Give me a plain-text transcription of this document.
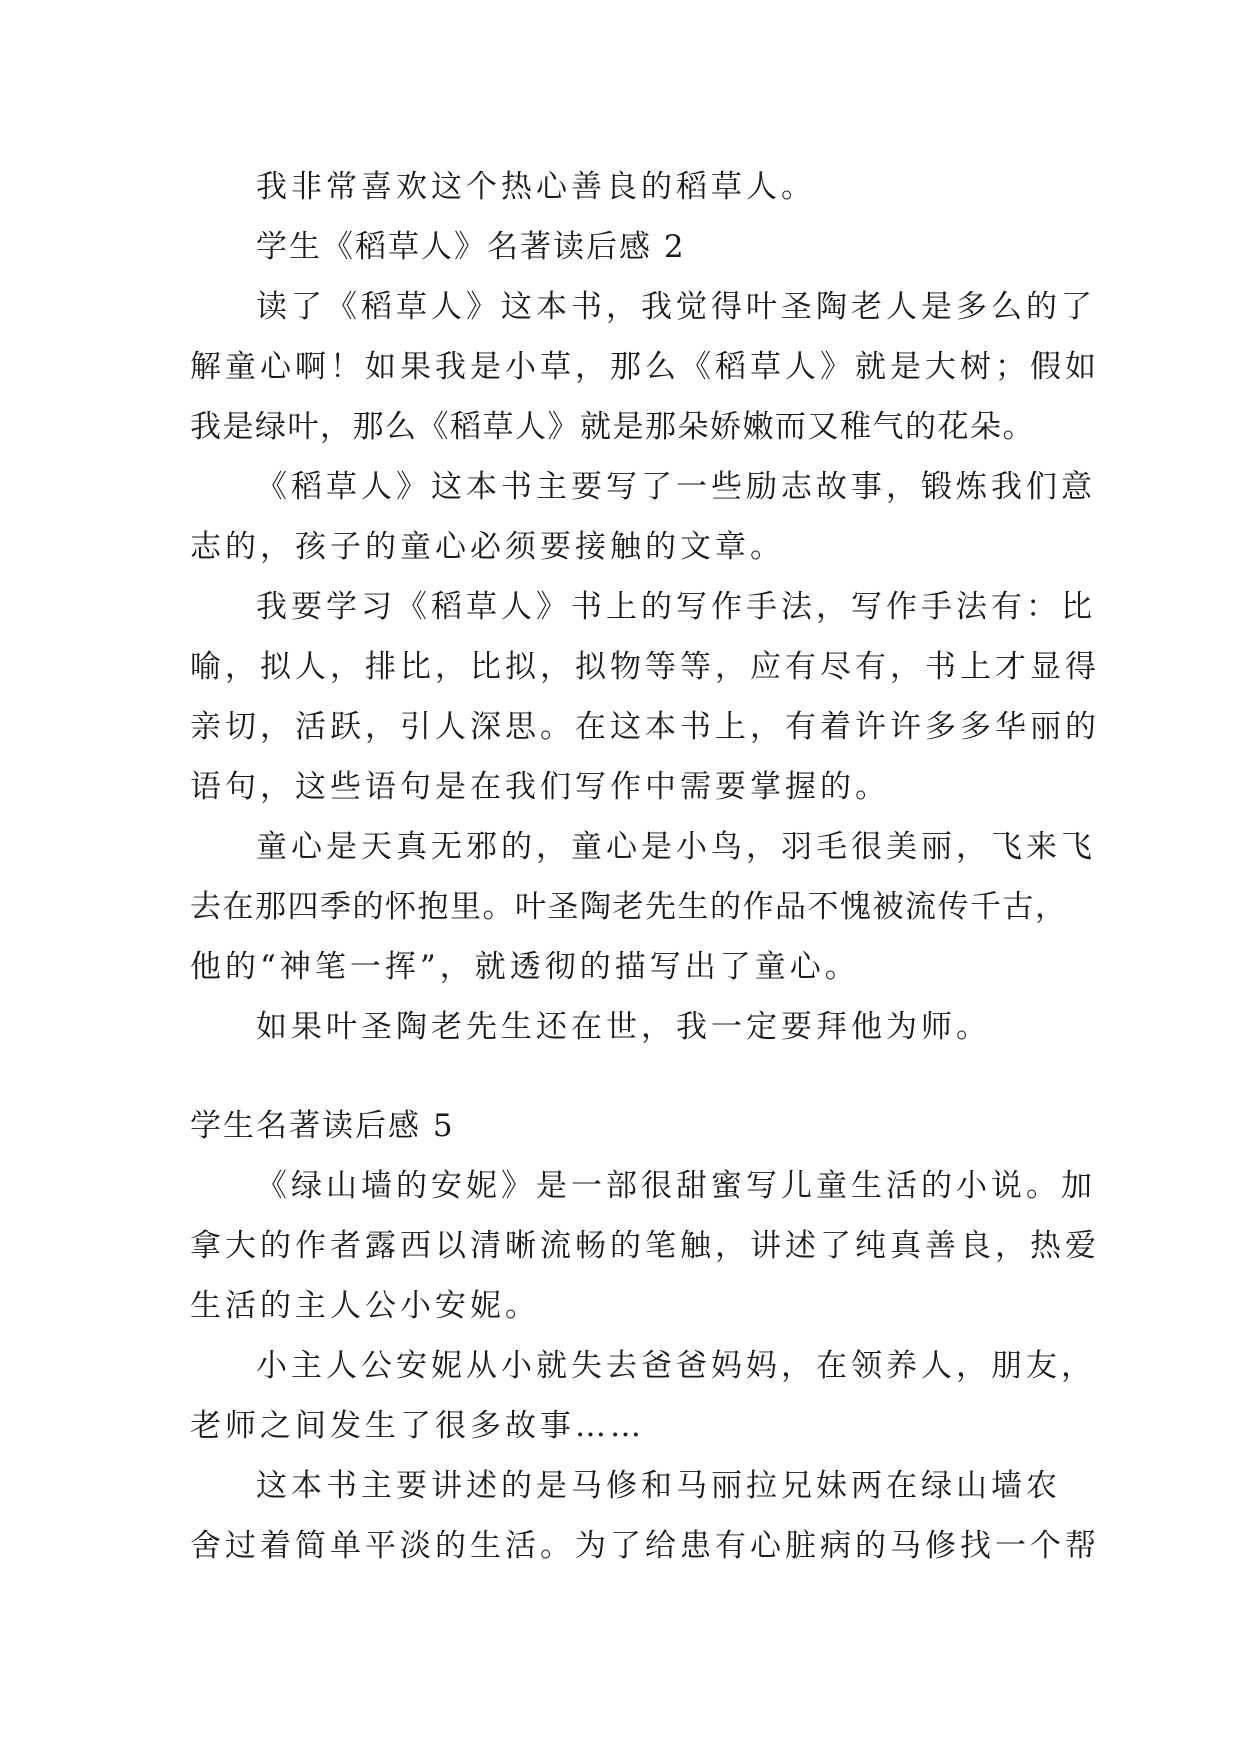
我非常喜欢这个热心善良的稻草人。

学生《稻草人》名著读后感 2

读了《稻草人》这本书，我觉得叶圣陶老人是多么的了

解童心啊！如果我是小草，那么《稻草人》就是大树；假如

我是绿叶，那么《稻草人》就是那朵娇嫩而又稚气的花朵。

《稻草人》这本书主要写了一些励志故事，锻炼我们意

志的，孩子的童心必须要接触的文章。

我要学习《稻草人》书上的写作手法，写作手法有：比

喻，拟人，排比，比拟，拟物等等，应有尽有，书上才显得

亲切，活跃，引人深思。在这本书上，有着许许多多华丽的

语句，这些语句是在我们写作中需要掌握的。

童心是天真无邪的，童心是小鸟，羽毛很美丽，飞来飞

去在那四季的怀抱里。叶圣陶老先生的作品不愧被流传千古，

他的“神笔一挥”，就透彻的描写出了童心。

如果叶圣陶老先生还在世，我一定要拜他为师。

学生名著读后感 5

《绿山墙的安妮》是一部很甜蜜写儿童生活的小说。加

拿大的作者露西以清晰流畅的笔触，讲述了纯真善良，热爱

生活的主人公小安妮。

小主人公安妮从小就失去爸爸妈妈，在领养人，朋友，

老师之间发生了很多故事……

这本书主要讲述的是马修和马丽拉兄妹两在绿山墙农

舍过着简单平淡的生活。为了给患有心脏病的马修找一个帮
